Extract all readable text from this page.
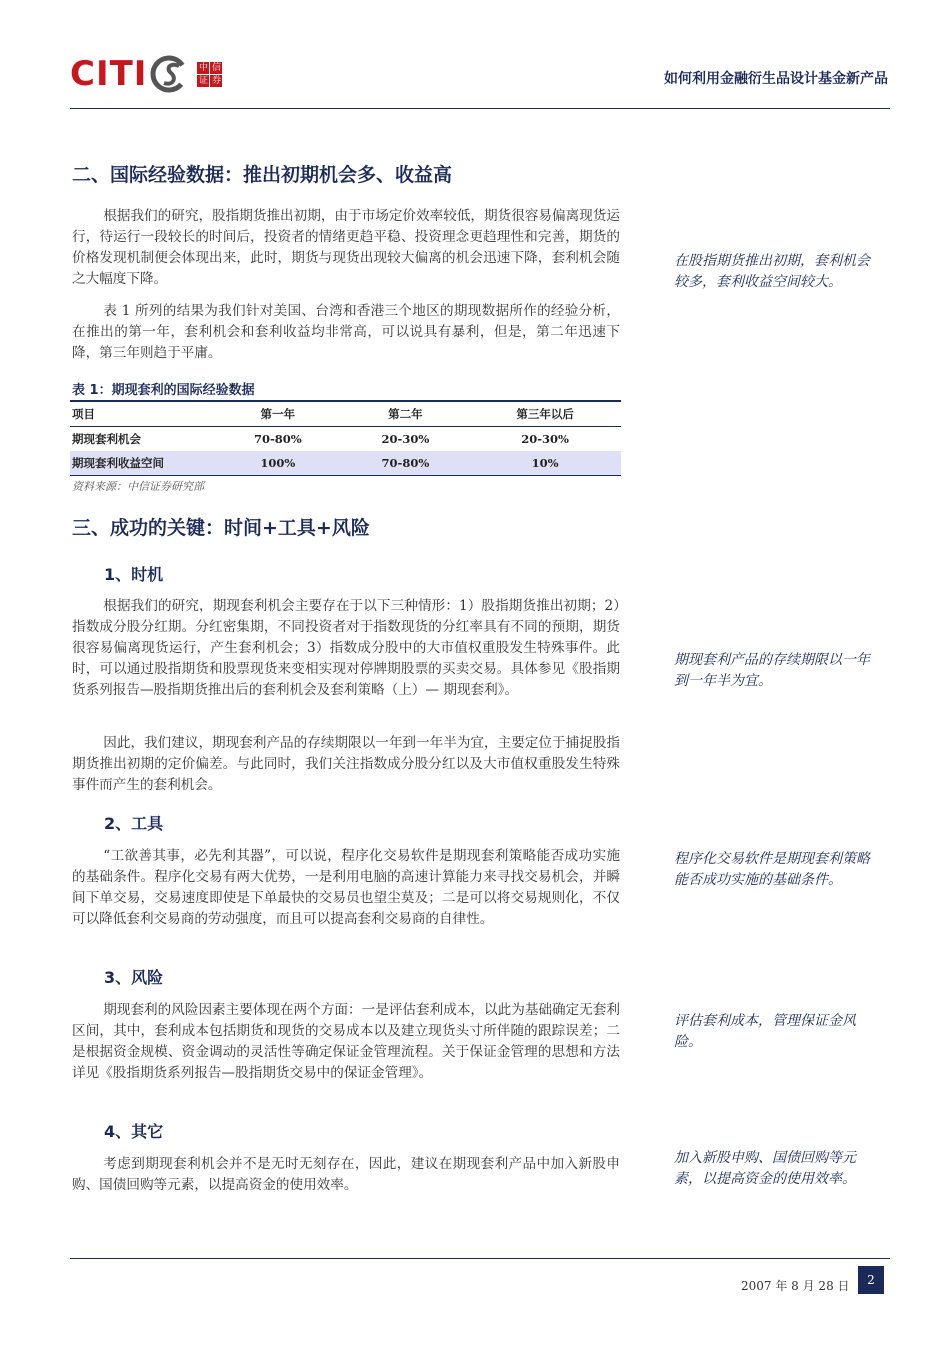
CITI	中 信
证 券	如何利用金融衍生品设计基金新产品
二、国际经验数据：推出初期机会多、收益高

根据我们的研究，股指期货推出初期，由于市场定价效率较低，期货很容易偏离现货运行，待运行一段较长的时间后，投资者的情绪更趋平稳、投资理念更趋理性和完善，期货的价格发现机制便会体现出来，此时，期货与现货出现较大偏离的机会迅速下降，套利机会随之大幅度下降。

表 1 所列的结果为我们针对美国、台湾和香港三个地区的期现数据所作的经验分析，在推出的第一年，套利机会和套利收益均非常高，可以说具有暴利，但是，第二年迅速下降，第三年则趋于平庸。

在股指期货推出初期，套利机会较多，套利收益空间较大。

表 1：期现套利的国际经验数据
项目	第一年	第二年	第三年以后
期现套利机会	70-80%	20-30%	20-30%
期现套利收益空间	100%	70-80%	10%
资料来源：中信证券研究部
三、成功的关键：时间+工具+风险
1、时机

根据我们的研究，期现套利机会主要存在于以下三种情形：1）股指期货推出初期；2）指数成分股分红期。分红密集期，不同投资者对于指数现货的分红率具有不同的预期，期货很容易偏离现货运行，产生套利机会；3）指数成分股中的大市值权重股发生特殊事件。此时，可以通过股指期货和股票现货来变相实现对停牌期股票的买卖交易。具体参见《股指期货系列报告—股指期货推出后的套利机会及套利策略（上）— 期现套利》。

因此，我们建议，期现套利产品的存续期限以一年到一年半为宜，主要定位于捕捉股指期货推出初期的定价偏差。与此同时，我们关注指数成分股分红以及大市值权重股发生特殊事件而产生的套利机会。

期现套利产品的存续期限以一年到一年半为宜。

2、工具

“工欲善其事，必先利其器”，可以说，程序化交易软件是期现套利策略能否成功实施的基础条件。程序化交易有两大优势，一是利用电脑的高速计算能力来寻找交易机会，并瞬间下单交易，交易速度即使是下单最快的交易员也望尘莫及；二是可以将交易规则化，不仅可以降低套利交易商的劳动强度，而且可以提高套利交易商的自律性。

程序化交易软件是期现套利策略能否成功实施的基础条件。

3、风险

期现套利的风险因素主要体现在两个方面：一是评估套利成本，以此为基础确定无套利区间，其中，套利成本包括期货和现货的交易成本以及建立现货头寸所伴随的跟踪误差；二是根据资金规模、资金调动的灵活性等确定保证金管理流程。关于保证金管理的思想和方法详见《股指期货系列报告—股指期货交易中的保证金管理》。

评估套利成本，管理保证金风险。

4、其它

考虑到期现套利机会并不是无时无刻存在，因此，建议在期现套利产品中加入新股申购、国债回购等元素，以提高资金的使用效率。

加入新股申购、国债回购等元素，以提高资金的使用效率。

2007 年 8 月 28 日	2
